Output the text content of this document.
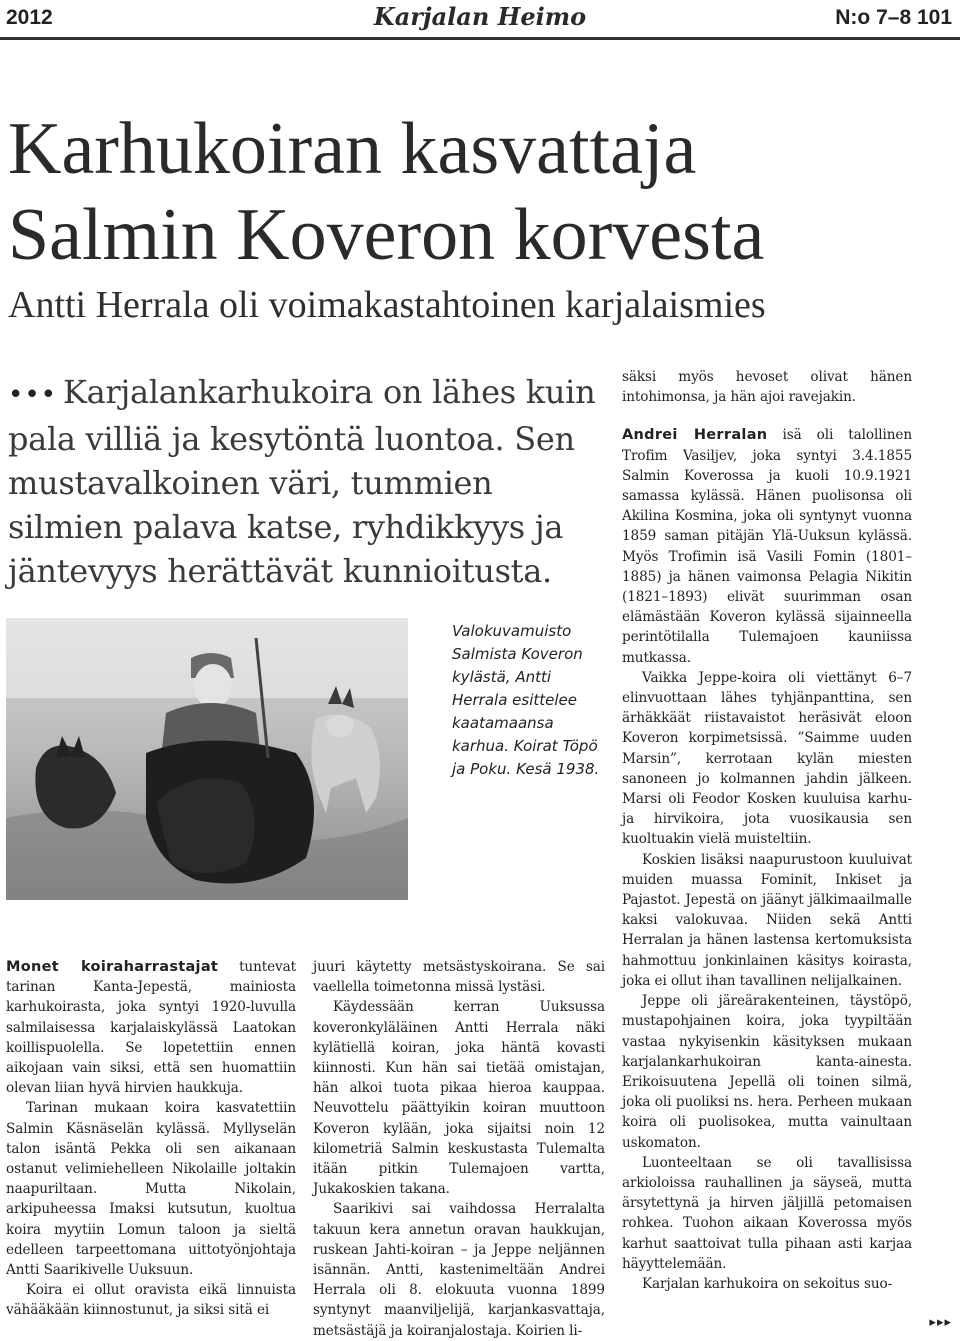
2012	Karjalan Heimo	N:o 7–8 101
Karhukoiran kasvattaja
Salmin Koveron korvesta
Antti Herrala oli voimakastahtoinen karjalaismies

••• Karjalankarhukoira on lähes kuin pala villiä ja kesytöntä luontoa. Sen mustavalkoinen väri, tummien silmien palava katse, ryhdikkyys ja jäntevyys herättävät kunnioitusta.

Valokuvamuisto Salmista Koveron kylästä, Antti Herrala esittelee kaatamaansa karhua. Koirat Töpö ja Poku. Kesä 1938.

Monet koiraharrastajat tuntevat tarinan Kanta-Jepestä, mainiosta karhukoirasta, joka syntyi 1920-luvulla salmilaisessa karjalaiskylässä Laatokan koillispuolella. Se lopetettiin ennen aikojaan vain siksi, että sen huomattiin olevan liian hyvä hirvien haukkuja.

Tarinan mukaan koira kasvatettiin Salmin Käsnäselän kylässä. Myllyselän talon isäntä Pekka oli sen aikanaan ostanut velimiehelleen Nikolaille joltakin naapuriltaan. Mutta Nikolain, arkipuheessa Imaksi kutsutun, kuoltua koira myytiin Lomun taloon ja sieltä edelleen tarpeettomana uittotyönjohtaja Antti Saarikivelle Uuksuun.

Koira ei ollut oravista eikä linnuista vähääkään kiinnostunut, ja siksi sitä ei

juuri käytetty metsästyskoirana. Se sai vaellella toimetonna missä lystäsi.

Käydessään kerran Uuksussa koveronkyläläinen Antti Herrala näki kylätiellä koiran, joka häntä kovasti kiinnosti. Kun hän sai tietää omistajan, hän alkoi tuota pikaa hieroa kauppaa. Neuvottelu päättyikin koiran muuttoon Koveron kylään, joka sijaitsi noin 12 kilometriä Salmin keskustasta Tulemalta itään pitkin Tulemajoen vartta, Jukakoskien takana.

Saarikivi sai vaihdossa Herralalta takuun kera annetun oravan haukkujan, ruskean Jahti-koiran – ja Jeppe neljännen isännän. Antti, kastenimeltään Andrei Herrala oli 8. elokuuta vuonna 1899 syntynyt maanviljelijä, karjankasvattaja, metsästäjä ja koiranjalostaja. Koirien li-

säksi myös hevoset olivat hänen intohimonsa, ja hän ajoi ravejakin.

Andrei Herralan isä oli talollinen Trofim Vasiljev, joka syntyi 3.4.1855 Salmin Koverossa ja kuoli 10.9.1921 samassa kylässä. Hänen puolisonsa oli Akilina Kosmina, joka oli syntynyt vuonna 1859 saman pitäjän Ylä-Uuksun kylässä. Myös Trofimin isä Vasili Fomin (1801–1885) ja hänen vaimonsa Pelagia Nikitin (1821–1893) elivät suurimman osan elämästään Koveron kylässä sijainneella perintötilalla Tulemajoen kauniissa mutkassa.

Vaikka Jeppe-koira oli viettänyt 6–7 elinvuottaan lähes tyhjänpanttina, sen ärhäkkäät riistavaistot heräsivät eloon Koveron korpimetsissä. ”Saimme uuden Marsin”, kerrotaan kylän miesten sanoneen jo kolmannen jahdin jälkeen. Marsi oli Feodor Kosken kuuluisa karhu- ja hirvikoira, jota vuosikausia sen kuoltuakin vielä muisteltiin.

Koskien lisäksi naapurustoon kuuluivat muiden muassa Fominit, Inkiset ja Pajastot. Jepestä on jäänyt jälkimaailmalle kaksi valokuvaa. Niiden sekä Antti Herralan ja hänen lastensa kertomuksista hahmottuu jonkinlainen käsitys koirasta, joka ei ollut ihan tavallinen nelijalkainen.

Jeppe oli järeärakenteinen, täystöpö, mustapohjainen koira, joka tyypiltään vastaa nykyisenkin käsityksen mukaan karjalankarhukoiran kanta-ainesta. Erikoisuutena Jepellä oli toinen silmä, joka oli puoliksi ns. hera. Perheen mukaan koira oli puolisokea, mutta vainultaan uskomaton.

Luonteeltaan se oli tavallisissa arkioloissa rauhallinen ja säyseä, mutta ärsytettynä ja hirven jäljillä petomaisen rohkea. Tuohon aikaan Koverossa myös karhut saattoivat tulla pihaan asti karjaa häyyttelemään.

Karjalan karhukoira on sekoitus suo-

▸▸▸
